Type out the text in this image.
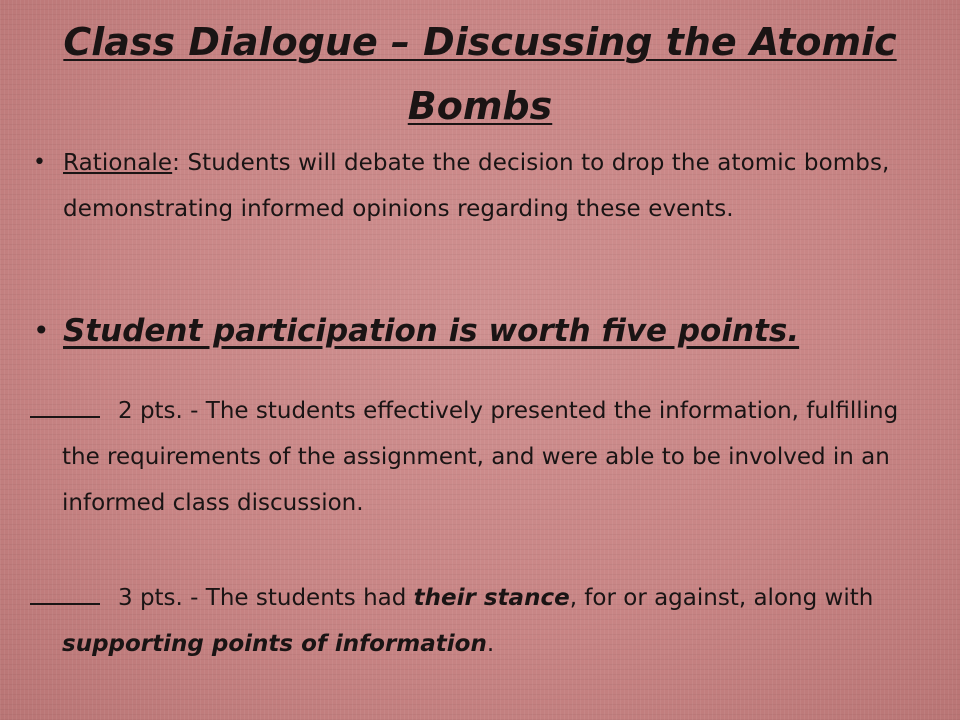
Class Dialogue – Discussing the Atomic Bombs
• Rationale: Students will debate the decision to drop the atomic bombs, demonstrating informed opinions regarding these events.
• Student participation is worth five points.
2 pts. - The students effectively presented the information, fulfilling the requirements of the assignment, and were able to be involved in an informed class discussion.
3 pts. - The students had their stance, for or against, along with supporting points of information.
